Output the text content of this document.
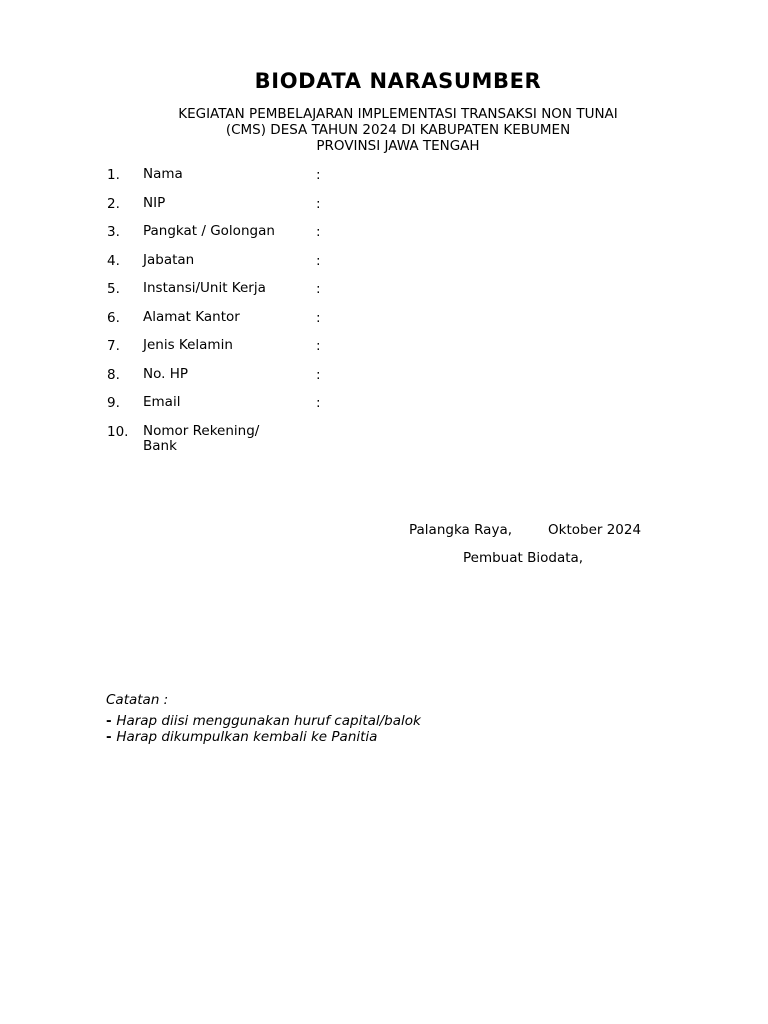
BIODATA NARASUMBER
KEGIATAN PEMBELAJARAN IMPLEMENTASI TRANSAKSI NON TUNAI
(CMS) DESA TAHUN 2024 DI KABUPATEN KEBUMEN
PROVINSI JAWA TENGAH
1. Nama	:
2. NIP	:
3. Pangkat / Golongan	:
4. Jabatan	:
5. Instansi/Unit Kerja	:
6. Alamat Kantor	:
7. Jenis Kelamin	:
8. No. HP	:
9. Email	:
10. Nomor Rekening/ Bank
Palangka Raya,	Oktober 2024
Pembuat Biodata,
Catatan :
- Harap diisi menggunakan huruf capital/balok
- Harap dikumpulkan kembali ke Panitia
